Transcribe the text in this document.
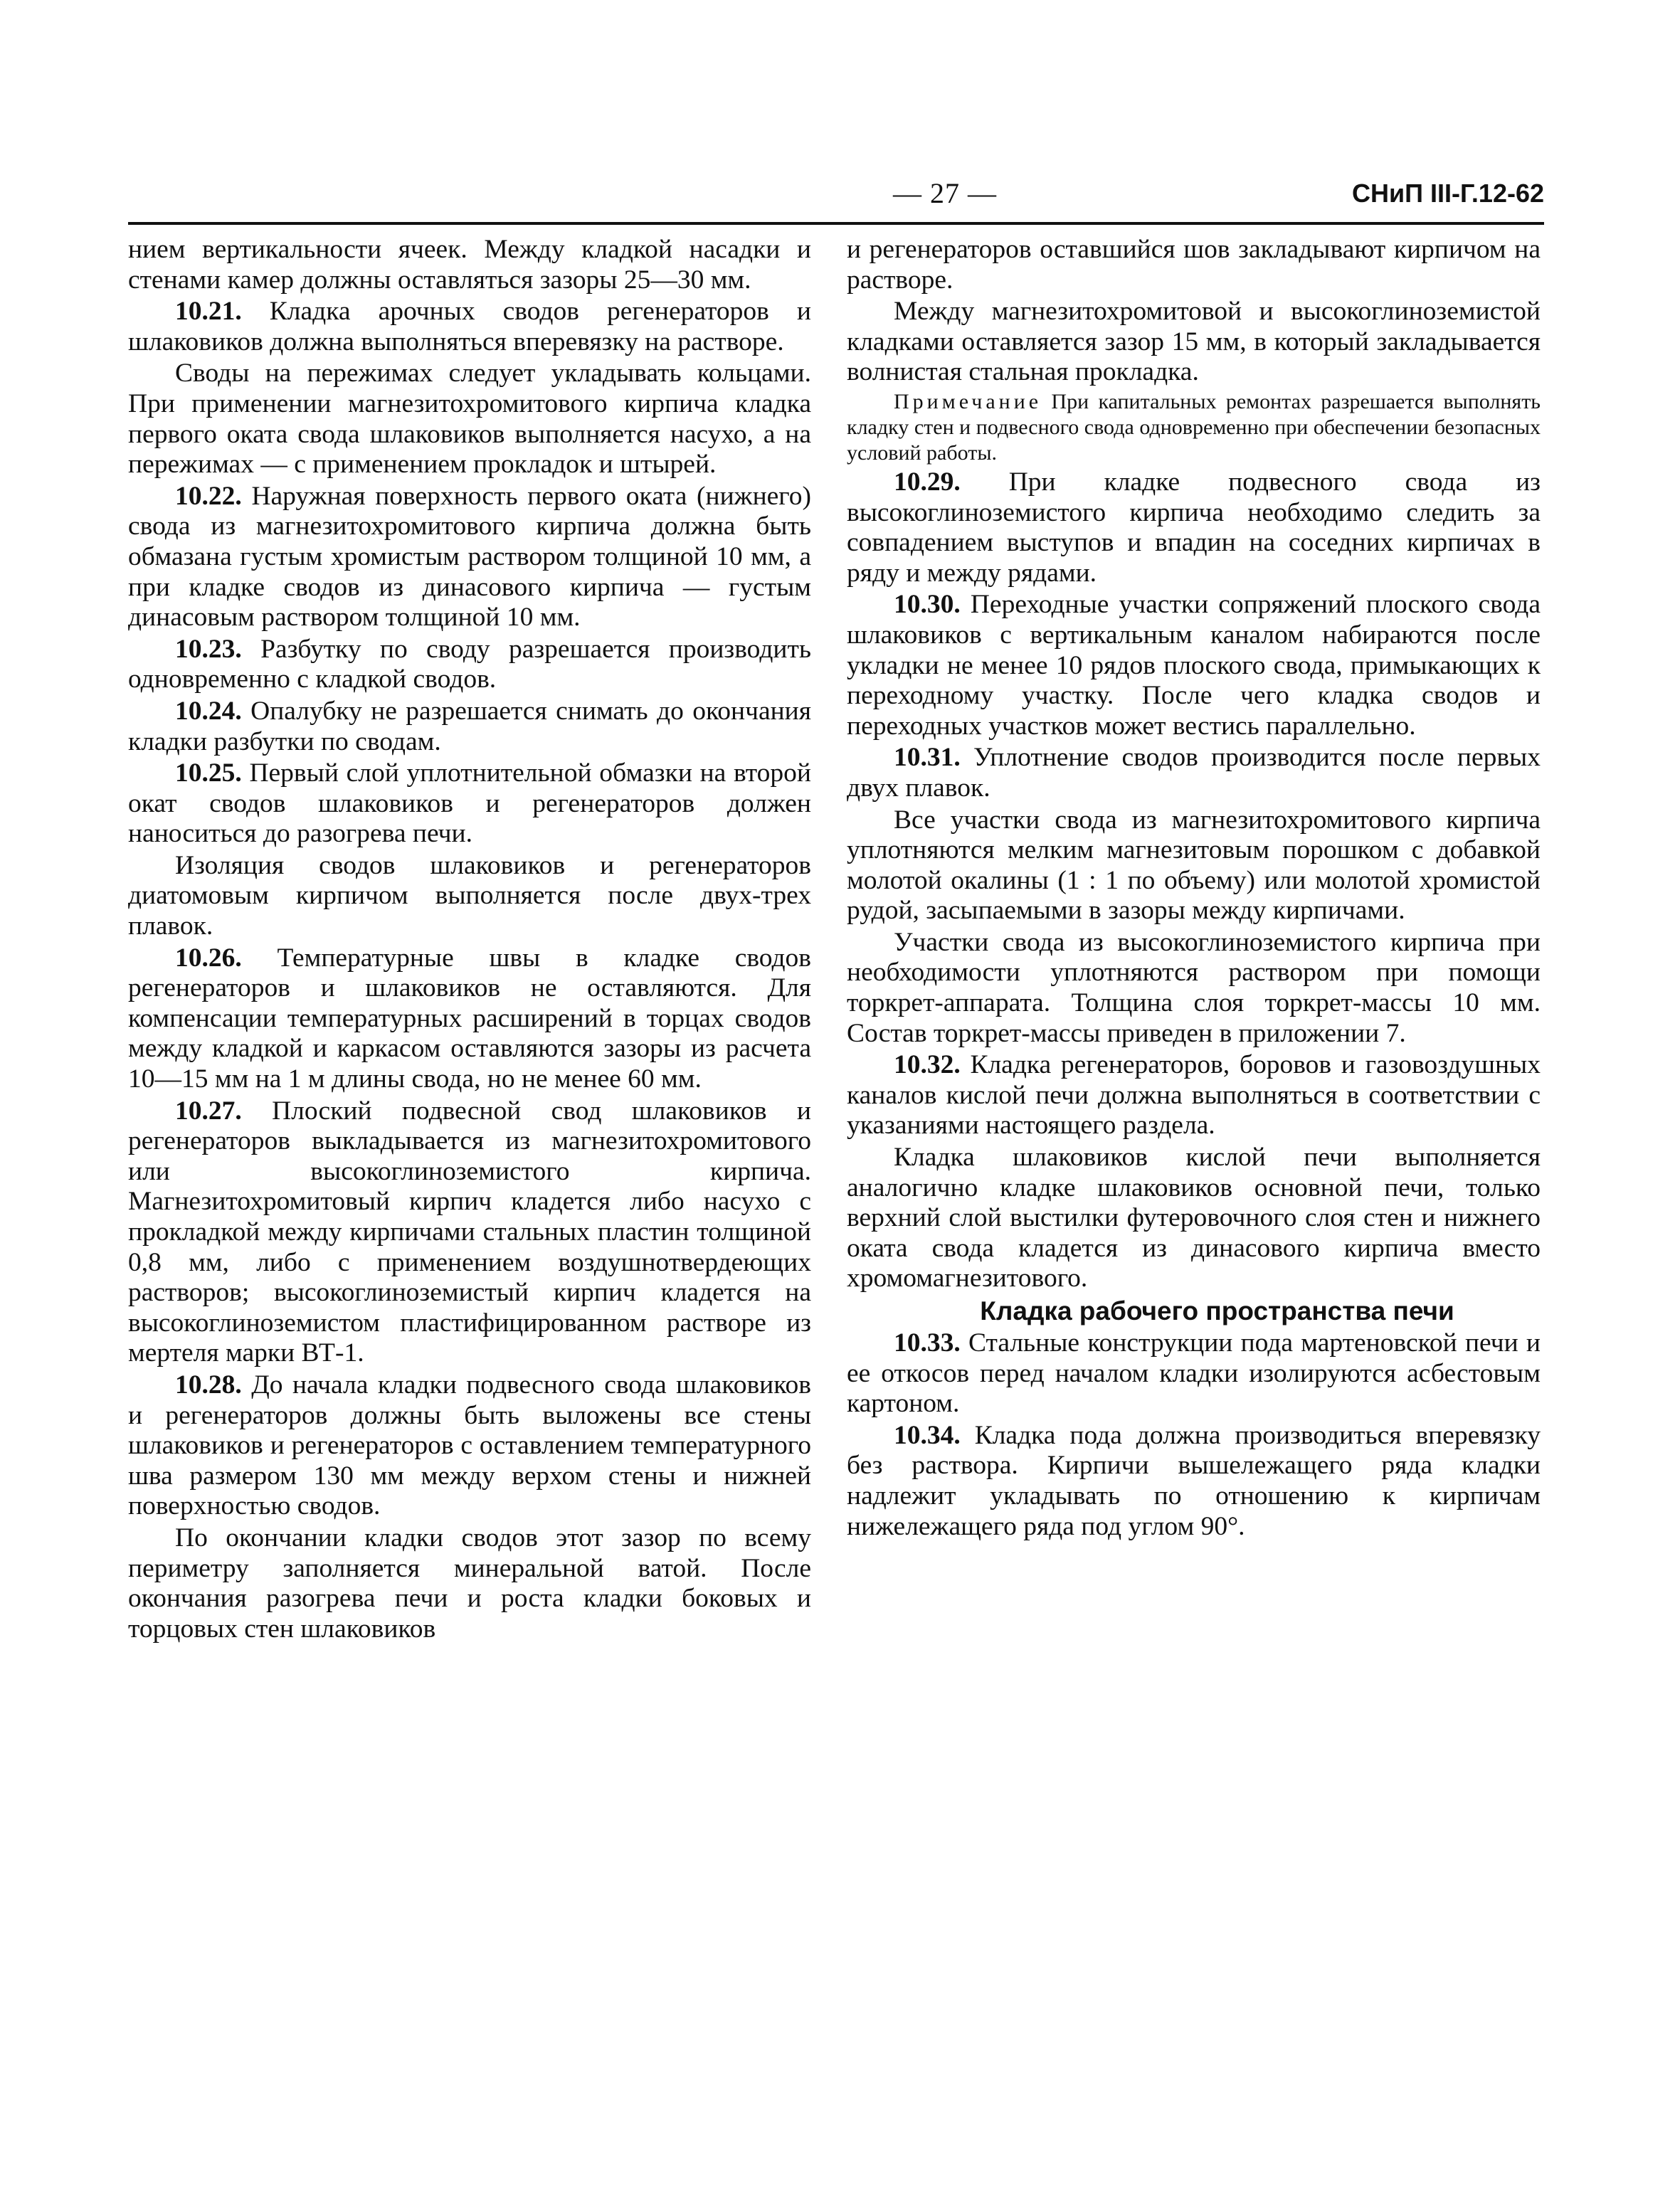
— 27 —	СНиП III-Г.12-62

нием вертикальности ячеек. Между кладкой насадки и стенами камер должны оставляться зазоры 25—30 мм.

10.21. Кладка арочных сводов регенераторов и шлаковиков должна выполняться вперевязку на растворе.

Своды на пережимах следует укладывать кольцами. При применении магнезитохромитового кирпича кладка первого оката свода шлаковиков выполняется насухо, а на пережимах — с применением прокладок и штырей.

10.22. Наружная поверхность первого оката (нижнего) свода из магнезитохромитового кирпича должна быть обмазана густым хромистым раствором толщиной 10 мм, а при кладке сводов из динасового кирпича — густым динасовым раствором толщиной 10 мм.

10.23. Разбутку по своду разрешается производить одновременно с кладкой сводов.

10.24. Опалубку не разрешается снимать до окончания кладки разбутки по сводам.

10.25. Первый слой уплотнительной обмазки на второй окат сводов шлаковиков и регенераторов должен наноситься до разогрева печи.

Изоляция сводов шлаковиков и регенераторов диатомовым кирпичом выполняется после двух-трех плавок.

10.26. Температурные швы в кладке сводов регенераторов и шлаковиков не оставляются. Для компенсации температурных расширений в торцах сводов между кладкой и каркасом оставляются зазоры из расчета 10—15 мм на 1 м длины свода, но не менее 60 мм.

10.27. Плоский подвесной свод шлаковиков и регенераторов выкладывается из магнезитохромитового или высокоглиноземистого кирпича. Магнезитохромитовый кирпич кладется либо насухо с прокладкой между кирпичами стальных пластин толщиной 0,8 мм, либо с применением воздушнотвердеющих растворов; высокоглиноземистый кирпич кладется на высокоглиноземистом пластифицированном растворе из мертеля марки ВТ-1.

10.28. До начала кладки подвесного свода шлаковиков и регенераторов должны быть выложены все стены шлаковиков и регенераторов с оставлением температурного шва размером 130 мм между верхом стены и нижней поверхностью сводов.

По окончании кладки сводов этот зазор по всему периметру заполняется минеральной ватой. После окончания разогрева печи и роста кладки боковых и торцовых стен шлаковиков

и регенераторов оставшийся шов закладывают кирпичом на растворе.

Между магнезитохромитовой и высокоглиноземистой кладками оставляется зазор 15 мм, в который закладывается волнистая стальная прокладка.

Примечание При капитальных ремонтах разрешается выполнять кладку стен и подвесного свода одновременно при обеспечении безопасных условий работы.

10.29. При кладке подвесного свода из высокоглиноземистого кирпича необходимо следить за совпадением выступов и впадин на соседних кирпичах в ряду и между рядами.

10.30. Переходные участки сопряжений плоского свода шлаковиков с вертикальным каналом набираются после укладки не менее 10 рядов плоского свода, примыкающих к переходному участку. После чего кладка сводов и переходных участков может вестись параллельно.

10.31. Уплотнение сводов производится после первых двух плавок.

Все участки свода из магнезитохромитового кирпича уплотняются мелким магнезитовым порошком с добавкой молотой окалины (1 : 1 по объему) или молотой хромистой рудой, засыпаемыми в зазоры между кирпичами.

Участки свода из высокоглиноземистого кирпича при необходимости уплотняются раствором при помощи торкрет-аппарата. Толщина слоя торкрет-массы 10 мм. Состав торкрет-массы приведен в приложении 7.

10.32. Кладка регенераторов, боровов и газовоздушных каналов кислой печи должна выполняться в соответствии с указаниями настоящего раздела.

Кладка шлаковиков кислой печи выполняется аналогично кладке шлаковиков основной печи, только верхний слой выстилки футеровочного слоя стен и нижнего оката свода кладется из динасового кирпича вместо хромомагнезитового.

Кладка рабочего пространства печи

10.33. Стальные конструкции пода мартеновской печи и ее откосов перед началом кладки изолируются асбестовым картоном.

10.34. Кладка пода должна производиться вперевязку без раствора. Кирпичи вышележащего ряда кладки надлежит укладывать по отношению к кирпичам нижележащего ряда под углом 90°.
